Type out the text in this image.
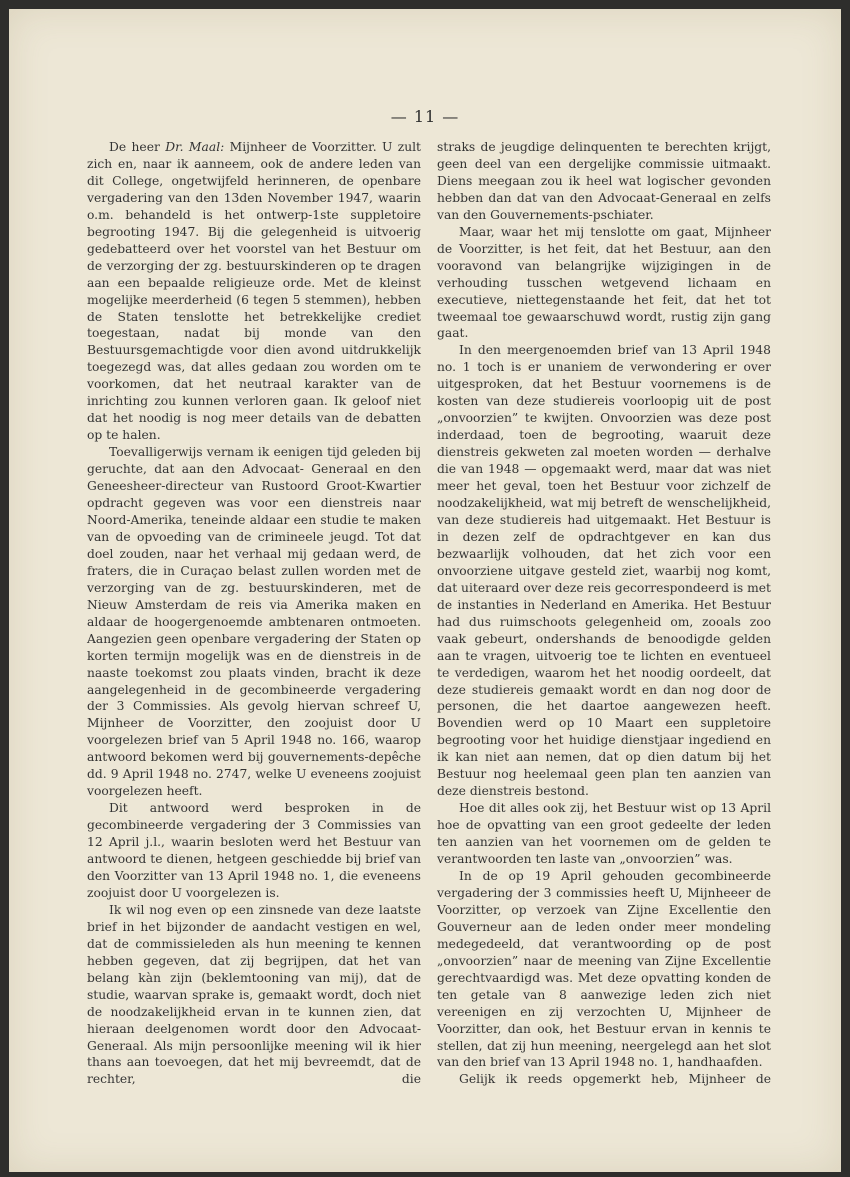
— 11 —

De heer Dr. Maal: Mijnheer de Voorzitter. U zult zich en, naar ik aanneem, ook de andere leden van dit College, ongetwijfeld herinneren, de openbare vergadering van den 13den November 1947, waarin o.m. behandeld is het ontwerp-1ste suppletoire begrooting 1947. Bij die gelegenheid is uitvoerig gedebatteerd over het voorstel van het Bestuur om de verzorging der zg. bestuurskinderen op te dragen aan een bepaalde religieuze orde. Met de kleinst mogelijke meerderheid (6 tegen 5 stemmen), hebben de Staten tenslotte het betrekkelijke crediet toegestaan, nadat bij monde van den Bestuursgemachtigde voor dien avond uitdrukkelijk toegezegd was, dat alles gedaan zou worden om te voorkomen, dat het neutraal karakter van de inrichting zou kunnen verloren gaan. Ik geloof niet dat het noodig is nog meer details van de debatten op te halen.

Toevalligerwijs vernam ik eenigen tijd geleden bij geruchte, dat aan den Advocaat- Generaal en den Geneesheer-directeur van Rustoord Groot-Kwartier opdracht gegeven was voor een dienstreis naar Noord-Amerika, teneinde aldaar een studie te maken van de opvoeding van de crimineele jeugd. Tot dat doel zouden, naar het verhaal mij gedaan werd, de fraters, die in Curaçao belast zullen worden met de verzorging van de zg. bestuurskinderen, met de Nieuw Amsterdam de reis via Amerika maken en aldaar de hoogergenoemde ambtenaren ontmoeten. Aangezien geen openbare vergadering der Staten op korten termijn mogelijk was en de dienstreis in de naaste toekomst zou plaats vinden, bracht ik deze aangelegenheid in de gecombineerde vergadering der 3 Commissies. Als gevolg hiervan schreef U, Mijnheer de Voorzitter, den zoojuist door U voorgelezen brief van 5 April 1948 no. 166, waarop antwoord bekomen werd bij gouvernements-depêche dd. 9 April 1948 no. 2747, welke U eveneens zoojuist voorgelezen heeft.

Dit antwoord werd besproken in de gecombineerde vergadering der 3 Commissies van 12 April j.l., waarin besloten werd het Bestuur van antwoord te dienen, hetgeen geschiedde bij brief van den Voorzitter van 13 April 1948 no. 1, die eveneens zoojuist door U voorgelezen is.

Ik wil nog even op een zinsnede van deze laatste brief in het bijzonder de aandacht vestigen en wel, dat de commissieleden als hun meening te kennen hebben gegeven, dat zij begrijpen, dat het van belang kàn zijn (beklemtooning van mij), dat de studie, waarvan sprake is, gemaakt wordt, doch niet de noodzakelijkheid ervan in te kunnen zien, dat hieraan deelgenomen wordt door den Advocaat-Generaal. Als mijn persoonlijke meening wil ik hier thans aan toevoegen, dat het mij bevreemdt, dat de rechter, die

straks de jeugdige delinquenten te berechten krijgt, geen deel van een dergelijke commissie uitmaakt. Diens meegaan zou ik heel wat logischer gevonden hebben dan dat van den Advocaat-Generaal en zelfs van den Gouvernements-pschiater.

Maar, waar het mij tenslotte om gaat, Mijnheer de Voorzitter, is het feit, dat het Bestuur, aan den vooravond van belangrijke wijzigingen in de verhouding tusschen wetgevend lichaam en executieve, niettegenstaande het feit, dat het tot tweemaal toe gewaarschuwd wordt, rustig zijn gang gaat.

In den meergenoemden brief van 13 April 1948 no. 1 toch is er unaniem de verwondering er over uitgesproken, dat het Bestuur voornemens is de kosten van deze studiereis voorloopig uit de post „onvoorzien” te kwijten. Onvoorzien was deze post inderdaad, toen de begrooting, waaruit deze dienstreis gekweten zal moeten worden — derhalve die van 1948 — opgemaakt werd, maar dat was niet meer het geval, toen het Bestuur voor zichzelf de noodzakelijkheid, wat mij betreft de wenschelijkheid, van deze studiereis had uitgemaakt. Het Bestuur is in dezen zelf de opdrachtgever en kan dus bezwaarlijk volhouden, dat het zich voor een onvoorziene uitgave gesteld ziet, waarbij nog komt, dat uiteraard over deze reis gecorrespondeerd is met de instanties in Nederland en Amerika. Het Bestuur had dus ruimschoots gelegenheid om, zooals zoo vaak gebeurt, ondershands de benoodigde gelden aan te vragen, uitvoerig toe te lichten en eventueel te verdedigen, waarom het het noodig oordeelt, dat deze studiereis gemaakt wordt en dan nog door de personen, die het daartoe aangewezen heeft. Bovendien werd op 10 Maart een suppletoire begrooting voor het huidige dienstjaar ingediend en ik kan niet aan nemen, dat op dien datum bij het Bestuur nog heelemaal geen plan ten aanzien van deze dienstreis bestond.

Hoe dit alles ook zij, het Bestuur wist op 13 April hoe de opvatting van een groot gedeelte der leden ten aanzien van het voornemen om de gelden te verantwoorden ten laste van „onvoorzien” was.

In de op 19 April gehouden gecombineerde vergadering der 3 commissies heeft U, Mijnheeer de Voorzitter, op verzoek van Zijne Excellentie den Gouverneur aan de leden onder meer mondeling medegedeeld, dat verantwoording op de post „onvoorzien” naar de meening van Zijne Excellentie gerechtvaardigd was. Met deze opvatting konden de ten getale van 8 aanwezige leden zich niet vereenigen en zij verzochten U, Mijnheer de Voorzitter, dan ook, het Bestuur ervan in kennis te stellen, dat zij hun meening, neergelegd aan het slot van den brief van 13 April 1948 no. 1, handhaafden.

Gelijk ik reeds opgemerkt heb, Mijnheer de
